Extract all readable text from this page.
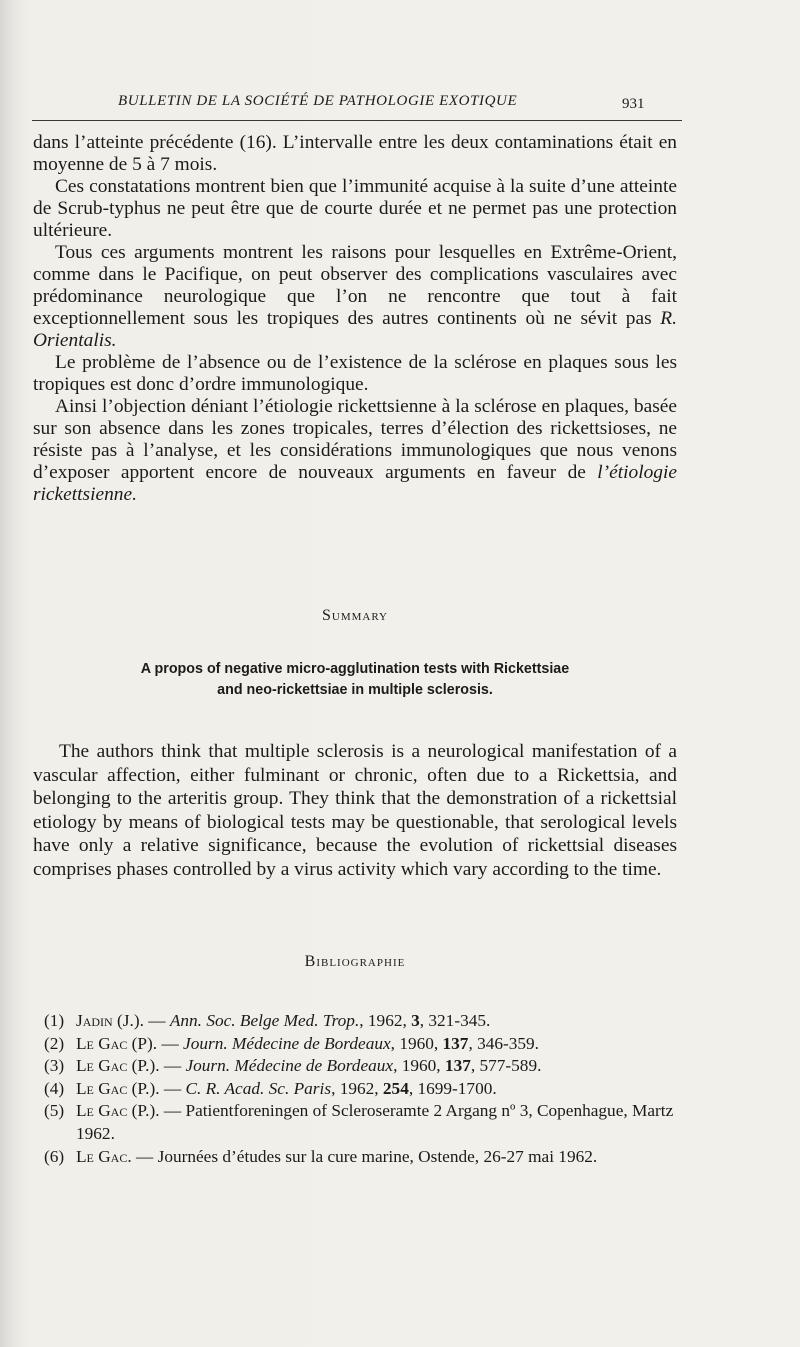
BULLETIN DE LA SOCIÉTÉ DE PATHOLOGIE EXOTIQUE	931

dans l’atteinte précédente (16). L’intervalle entre les deux contaminations était en moyenne de 5 à 7 mois.

Ces constatations montrent bien que l’immunité acquise à la suite d’une atteinte de Scrub-typhus ne peut être que de courte durée et ne permet pas une protection ultérieure.

Tous ces arguments montrent les raisons pour lesquelles en Extrême-Orient, comme dans le Pacifique, on peut observer des complications vasculaires avec prédominance neurologique que l’on ne rencontre que tout à fait exceptionnellement sous les tropiques des autres continents où ne sévit pas R. Orientalis.

Le problème de l’absence ou de l’existence de la sclérose en plaques sous les tropiques est donc d’ordre immunologique.

Ainsi l’objection déniant l’étiologie rickettsienne à la sclérose en plaques, basée sur son absence dans les zones tropicales, terres d’élection des rickettsioses, ne résiste pas à l’analyse, et les considérations immunologiques que nous venons d’exposer apportent encore de nouveaux arguments en faveur de l’étiologie rickettsienne.

Summary
A propos of negative micro-agglutination tests with Rickettsiae
and neo-rickettsiae in multiple sclerosis.

The authors think that multiple sclerosis is a neurological manifestation of a vascular affection, either fulminant or chronic, often due to a Rickettsia, and belonging to the arteritis group. They think that the demonstration of a rickettsial etiology by means of biological tests may be questionable, that serological levels have only a relative significance, because the evolution of rickettsial diseases comprises phases controlled by a virus activity which vary according to the time.

Bibliographie
(1) Jadin (J.). — Ann. Soc. Belge Med. Trop., 1962, 3, 321-345.
(2) Le Gac (P). — Journ. Médecine de Bordeaux, 1960, 137, 346-359.
(3) Le Gac (P.). — Journ. Médecine de Bordeaux, 1960, 137, 577-589.
(4) Le Gac (P.). — C. R. Acad. Sc. Paris, 1962, 254, 1699-1700.
(5) Le Gac (P.). — Patientforeningen of Scleroseramte 2 Argang nº 3, Copenhague, Martz 1962.
(6) Le Gac. — Journées d’études sur la cure marine, Ostende, 26-27 mai 1962.
